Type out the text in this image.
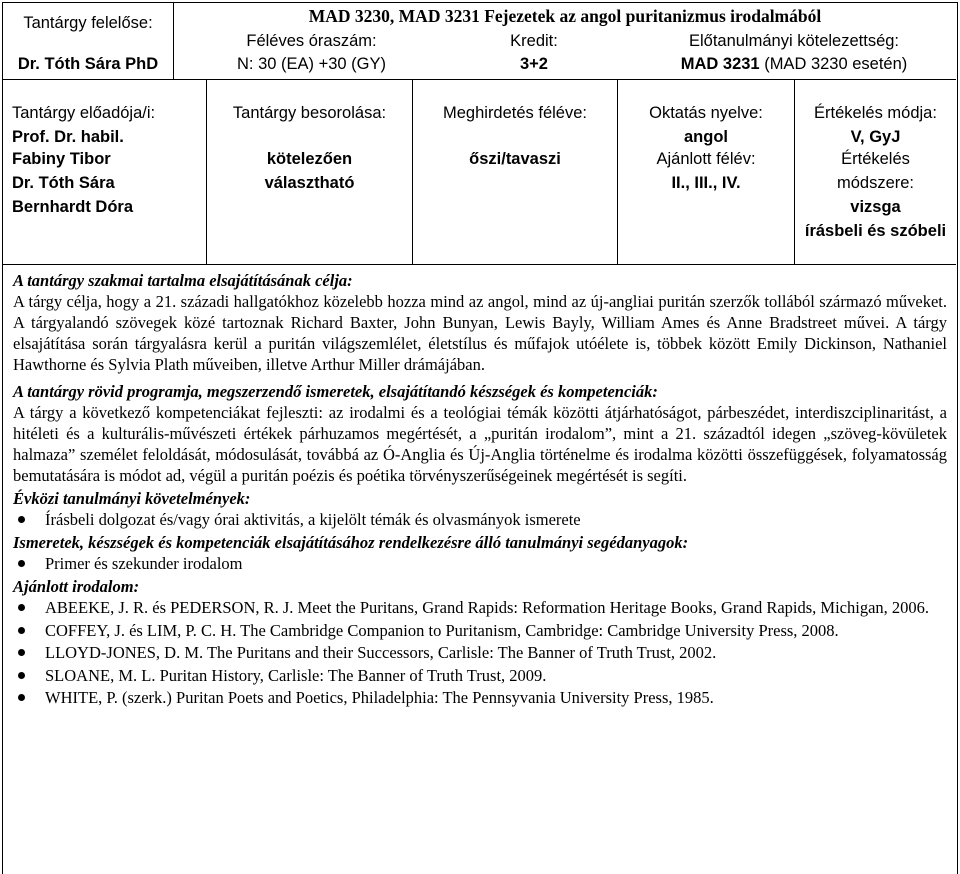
Tantárgy felelőse:
Dr. Tóth Sára PhD
MAD 3230, MAD 3231 Fejezetek az angol puritanizmus irodalmából
Féléves óraszám:
N: 30 (EA) +30 (GY)
Kredit:
3+2
Előtanulmányi kötelezettség:
MAD 3231 (MAD 3230 esetén)
Tantárgy előadója/i:
Prof. Dr. habil.
Fabiny Tibor
Dr. Tóth Sára
Bernhardt Dóra
Tantárgy besorolása:
kötelezően
választható
Meghirdetés féléve:
őszi/tavaszi
Oktatás nyelve:
angol
Ajánlott félév:
II., III., IV.
Értékelés módja:
V, GyJ
Értékelés
módszere:
vizsga
írásbeli és szóbeli
A tantárgy szakmai tartalma elsajátításának célja:

A tárgy célja, hogy a 21. századi hallgatókhoz közelebb hozza mind az angol, mind az új-angliai puritán szerzők tollából származó műveket. A tárgyalandó szövegek közé tartoznak Richard Baxter, John Bunyan, Lewis Bayly, William Ames és Anne Bradstreet művei. A tárgy elsajátítása során tárgyalásra kerül a puritán világszemlélet, életstílus és műfajok utóélete is, többek között Emily Dickinson, Nathaniel Hawthorne és Sylvia Plath műveiben, illetve Arthur Miller drámájában.

A tantárgy rövid programja, megszerzendő ismeretek, elsajátítandó készségek és kompetenciák:

A tárgy a következő kompetenciákat fejleszti: az irodalmi és a teológiai témák közötti átjárhatóságot, párbeszédet, interdiszciplinaritást, a hitéleti és a kulturális-művészeti értékek párhuzamos megértését, a „puritán irodalom”, mint a 21. századtól idegen „szöveg-kövületek halmaza” személet feloldását, módosulását, továbbá az Ó-Anglia és Új-Anglia történelme és irodalma közötti összefüggések, folyamatosság bemutatására is módot ad, végül a puritán poézis és poétika törvényszerűségeinek megértését is segíti.

Évközi tanulmányi követelmények:
Írásbeli dolgozat és/vagy órai aktivitás, a kijelölt témák és olvasmányok ismerete
Ismeretek, készségek és kompetenciák elsajátításához rendelkezésre álló tanulmányi segédanyagok:
Primer és szekunder irodalom
Ajánlott irodalom:
ABEEKE, J. R. és PEDERSON, R. J. Meet the Puritans, Grand Rapids: Reformation Heritage Books, Grand Rapids, Michigan, 2006.
COFFEY, J. és LIM, P. C. H. The Cambridge Companion to Puritanism, Cambridge: Cambridge University Press, 2008.
LLOYD-JONES, D. M. The Puritans and their Successors, Carlisle: The Banner of Truth Trust, 2002.
SLOANE, M. L. Puritan History, Carlisle: The Banner of Truth Trust, 2009.
WHITE, P. (szerk.) Puritan Poets and Poetics, Philadelphia: The Pennsyvania University Press, 1985.
